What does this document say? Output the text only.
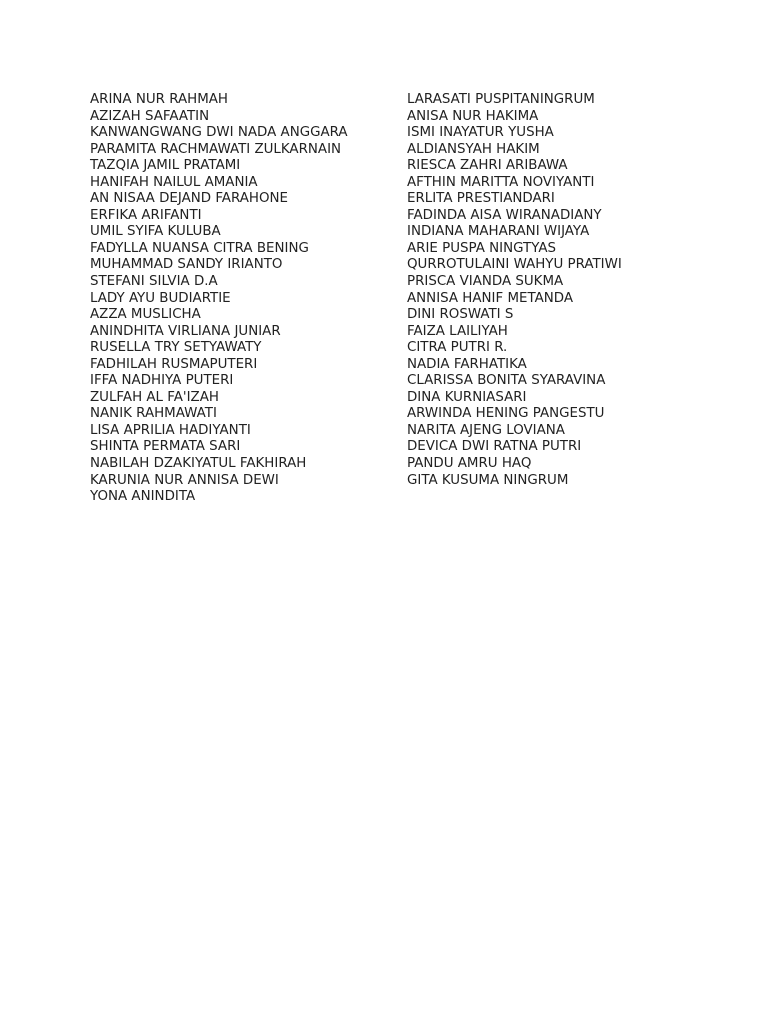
ARINA NUR RAHMAH
AZIZAH SAFAATIN
KANWANGWANG DWI NADA ANGGARA
PARAMITA RACHMAWATI ZULKARNAIN
TAZQIA JAMIL PRATAMI
HANIFAH NAILUL AMANIA
AN NISAA DEJAND FARAHONE
ERFIKA ARIFANTI
UMIL SYIFA KULUBA
FADYLLA NUANSA CITRA BENING
MUHAMMAD SANDY IRIANTO
STEFANI SILVIA D.A
LADY AYU BUDIARTIE
AZZA MUSLICHA
ANINDHITA VIRLIANA JUNIAR
RUSELLA TRY SETYAWATY
FADHILAH RUSMAPUTERI
IFFA NADHIYA PUTERI
ZULFAH AL FA'IZAH
NANIK RAHMAWATI
LISA APRILIA HADIYANTI
SHINTA PERMATA SARI
NABILAH DZAKIYATUL FAKHIRAH
KARUNIA NUR ANNISA DEWI
YONA ANINDITA
LARASATI PUSPITANINGRUM
ANISA NUR HAKIMA
ISMI INAYATUR YUSHA
ALDIANSYAH HAKIM
RIESCA ZAHRI ARIBAWA
AFTHIN MARITTA NOVIYANTI
ERLITA PRESTIANDARI
FADINDA AISA WIRANADIANY
INDIANA MAHARANI WIJAYA
ARIE PUSPA NINGTYAS
QURROTULAINI WAHYU PRATIWI
PRISCA VIANDA SUKMA
ANNISA HANIF METANDA
DINI ROSWATI S
FAIZA LAILIYAH
CITRA PUTRI R.
NADIA FARHATIKA
CLARISSA BONITA SYARAVINA
DINA KURNIASARI
ARWINDA HENING PANGESTU
NARITA AJENG LOVIANA
DEVICA DWI RATNA PUTRI
PANDU AMRU HAQ
GITA KUSUMA NINGRUM
